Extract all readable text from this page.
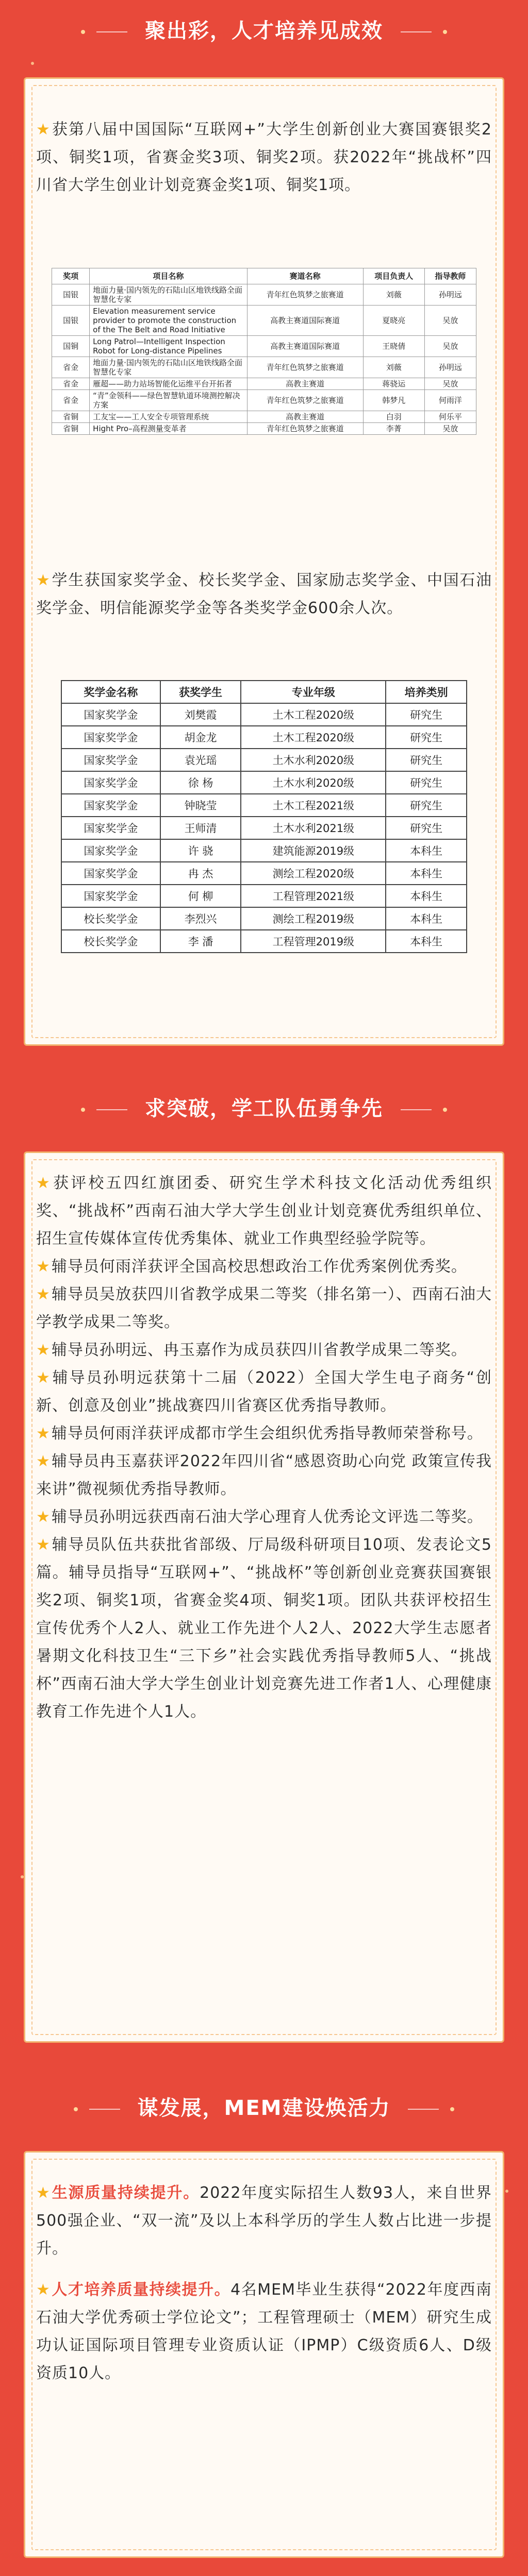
聚出彩，人才培养见成效
★获第八届中国国际“互联网+”大学生创新创业大赛国赛银奖2项、铜奖1项，省赛金奖3项、铜奖2项。获2022年“挑战杯”四川省大学生创业计划竞赛金奖1项、铜奖1项。
奖项	项目名称	赛道名称	项目负责人	指导教师
国银	地面力量·国内领先的石陆山区地铁线路全面智慧化专家	青年红色筑梦之旅赛道	刘薇	孙明远
国银	Elevation measurement service provider to promote the construction of the The Belt and Road Initiative	高教主赛道国际赛道	夏晓亮	吴放
国铜	Long Patrol—Intelligent Inspection Robot for Long-distance Pipelines	高教主赛道国际赛道	王晓倩	吴放
省金	地面力量·国内领先的石陆山区地铁线路全面智慧化专家	青年红色筑梦之旅赛道	刘薇	孙明远
省金	雁超——助力站场智能化运维平台开拓者	高教主赛道	蒋骁运	吴放
省金	“青”金领科——绿色智慧轨道环境测控解决方案	青年红色筑梦之旅赛道	韩梦凡	何雨洋
省铜	工友宝——工人安全专项管理系统	高教主赛道	白羽	何乐平
省铜	Hight Pro–高程测量变革者	青年红色筑梦之旅赛道	李菁	吴放
★学生获国家奖学金、校长奖学金、国家励志奖学金、中国石油奖学金、明信能源奖学金等各类奖学金600余人次。
奖学金名称	获奖学生	专业年级	培养类别
国家奖学金	刘樊霞	土木工程2020级	研究生
国家奖学金	胡金龙	土木工程2020级	研究生
国家奖学金	袁光瑶	土木水利2020级	研究生
国家奖学金	徐 杨	土木水利2020级	研究生
国家奖学金	钟晓莹	土木工程2021级	研究生
国家奖学金	王师清	土木水利2021级	研究生
国家奖学金	许 骁	建筑能源2019级	本科生
国家奖学金	冉 杰	测绘工程2020级	本科生
国家奖学金	何 柳	工程管理2021级	本科生
校长奖学金	李烈兴	测绘工程2019级	本科生
校长奖学金	李 潘	工程管理2019级	本科生
求突破，学工队伍勇争先
★获评校五四红旗团委、研究生学术科技文化活动优秀组织奖、“挑战杯”西南石油大学大学生创业计划竞赛优秀组织单位、招生宣传媒体宣传优秀集体、就业工作典型经验学院等。
★辅导员何雨洋获评全国高校思想政治工作优秀案例优秀奖。
★辅导员吴放获四川省教学成果二等奖（排名第一）、西南石油大学教学成果二等奖。
★辅导员孙明远、冉玉嘉作为成员获四川省教学成果二等奖。
★辅导员孙明远获第十二届（2022）全国大学生电子商务“创新、创意及创业”挑战赛四川省赛区优秀指导教师。
★辅导员何雨洋获评成都市学生会组织优秀指导教师荣誉称号。
★辅导员冉玉嘉获评2022年四川省“感恩资助心向党 政策宣传我来讲”微视频优秀指导教师。
★辅导员孙明远获西南石油大学心理育人优秀论文评选二等奖。
★辅导员队伍共获批省部级、厅局级科研项目10项、发表论文5篇。辅导员指导“互联网+”、“挑战杯”等创新创业竞赛获国赛银奖2项、铜奖1项，省赛金奖4项、铜奖1项。团队共获评校招生宣传优秀个人2人、就业工作先进个人2人、2022大学生志愿者暑期文化科技卫生“三下乡”社会实践优秀指导教师5人、“挑战杯”西南石油大学大学生创业计划竞赛先进工作者1人、心理健康教育工作先进个人1人。
谋发展，MEM建设焕活力
★生源质量持续提升。2022年度实际招生人数93人，来自世界500强企业、“双一流”及以上本科学历的学生人数占比进一步提升。
★人才培养质量持续提升。4名MEM毕业生获得“2022年度西南石油大学优秀硕士学位论文”；工程管理硕士（MEM）研究生成功认证国际项目管理专业资质认证（IPMP）C级资质6人、D级资质10人。
